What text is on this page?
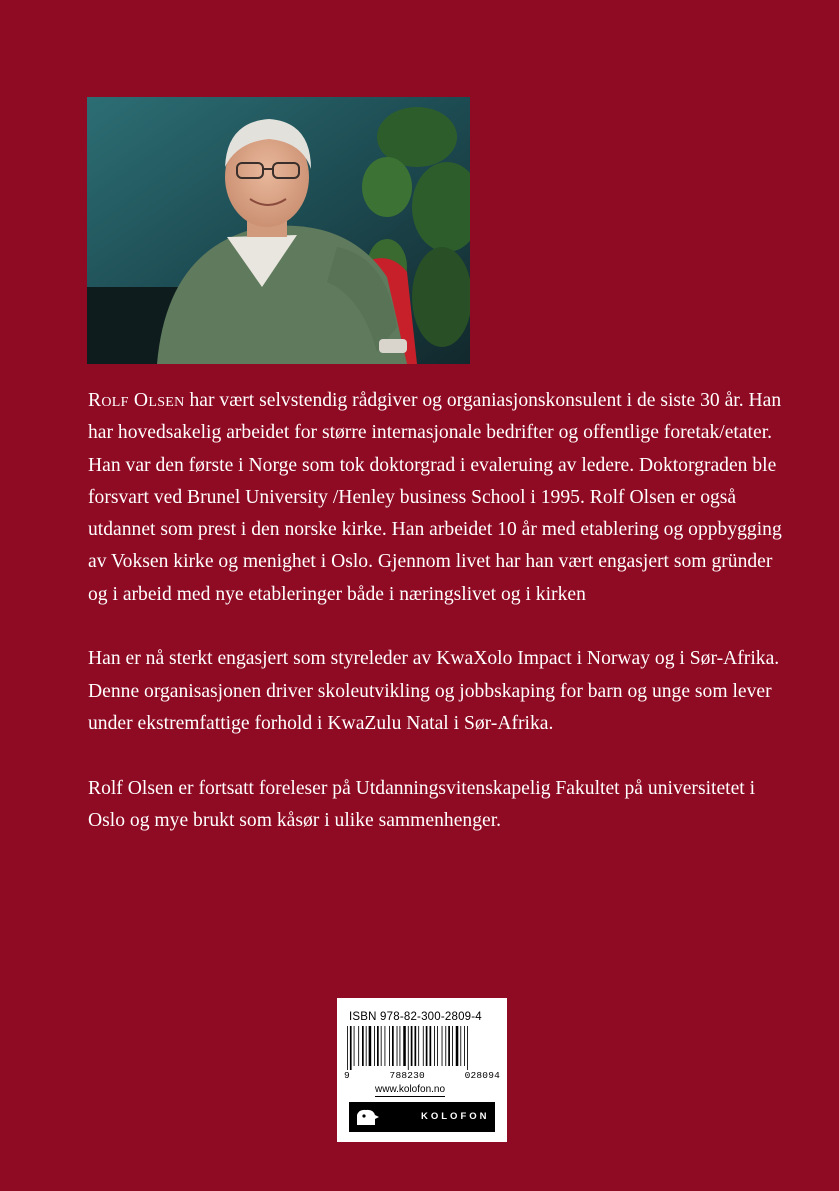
Rolf Olsen har vært selvstendig rådgiver og organiasjonskonsulent i de siste 30 år. Han har hovedsakelig arbeidet for større internasjonale bedrifter og offentlige foretak/etater. Han var den første i Norge som tok doktorgrad i evaleruing av ledere. Doktorgraden ble forsvart ved Brunel University /Henley business School i 1995. Rolf Olsen er også utdannet som prest i den norske kirke. Han arbeidet 10 år med etablering og oppbygging av Voksen kirke og menighet i Oslo. Gjennom livet har han vært engasjert som gründer og i arbeid med nye etableringer både i næringslivet og i kirken

Han er nå sterkt engasjert som styreleder av KwaXolo Impact i Norway og i Sør-Afrika. Denne organisasjonen driver skoleutvikling og jobbskaping for barn og unge som lever under ekstremfattige forhold i KwaZulu Natal i Sør-Afrika.

Rolf Olsen er fortsatt foreleser på Utdanningsvitenskapelig Fakultet på universitetet i Oslo og mye brukt som kåsør i ulike sammenhenger.

ISBN 978-82-300-2809-4
9	788230	028094
www.kolofon.no
KOLOFON
